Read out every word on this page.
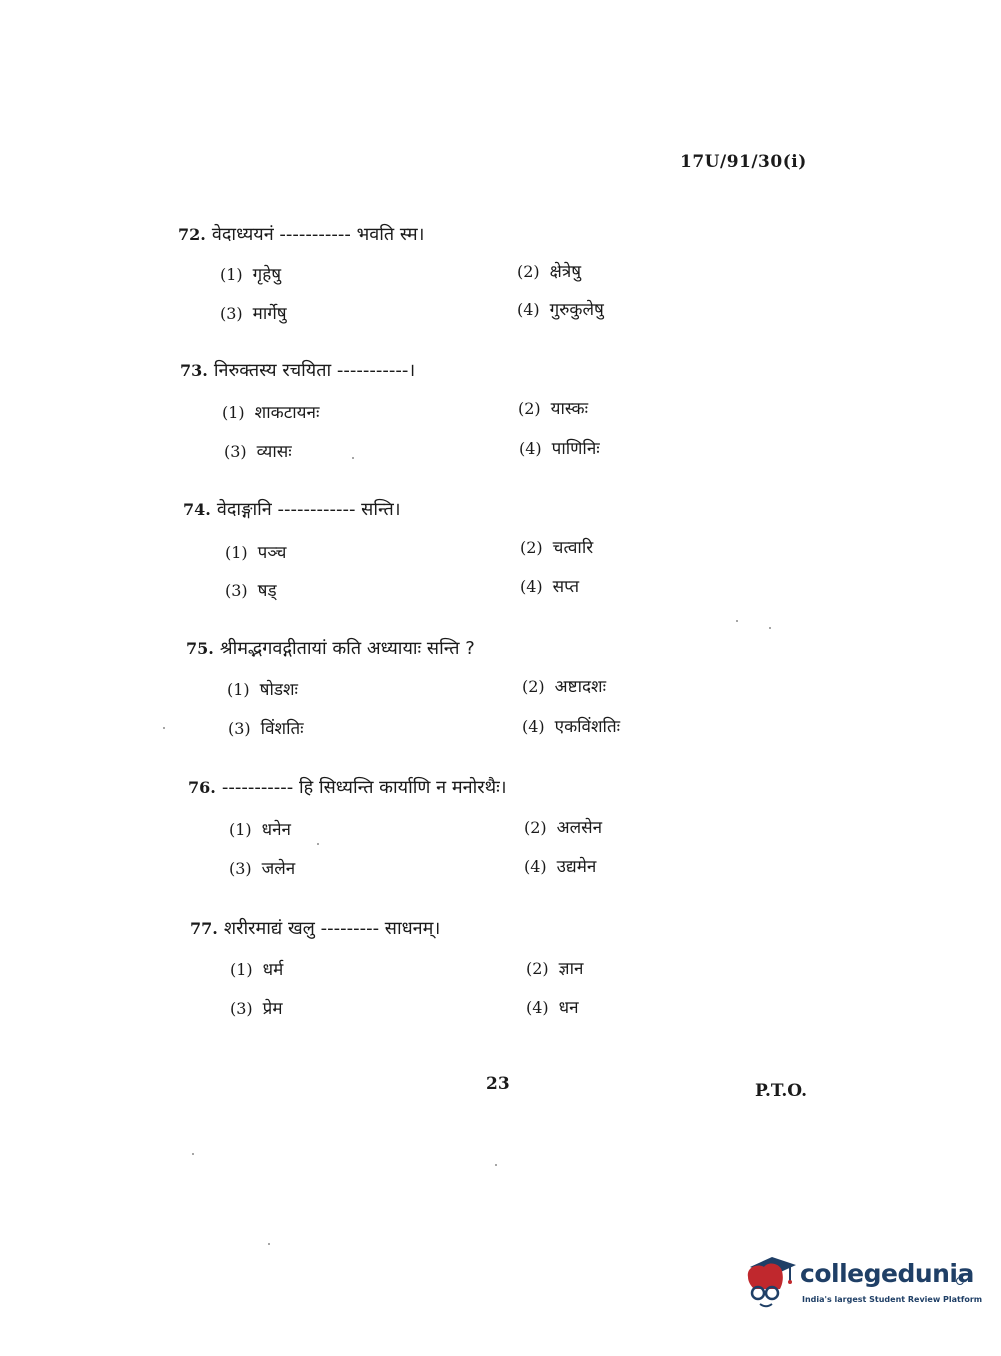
17U/91/30(i)
72. वेदाध्ययनं ----------- भवति स्म।
(1) गृहेषु	(2) क्षेत्रेषु
(3) मार्गेषु	(4) गुरुकुलेषु
73. निरुक्तस्य रचयिता -----------।
(1) शाकटायनः	(2) यास्कः
(3) व्यासः	(4) पाणिनिः
74. वेदाङ्गानि ------------ सन्ति।
(1) पञ्च	(2) चत्वारि
(3) षड्	(4) सप्त
75. श्रीमद्भगवद्गीतायां कति अध्यायाः सन्ति ?
(1) षोडशः	(2) अष्टादशः
(3) विंशतिः	(4) एकविंशतिः
76. ----------- हि सिध्यन्ति कार्याणि न मनोरथैः।
(1) धनेन	(2) अलसेन
(3) जलेन	(4) उद्यमेन
77. शरीरमाद्यं खलु --------- साधनम्।
(1) धर्म	(2) ज्ञान
(3) प्रेम	(4) धन
23	P.T.O.
collegedunia
India's largest Student Review Platform
